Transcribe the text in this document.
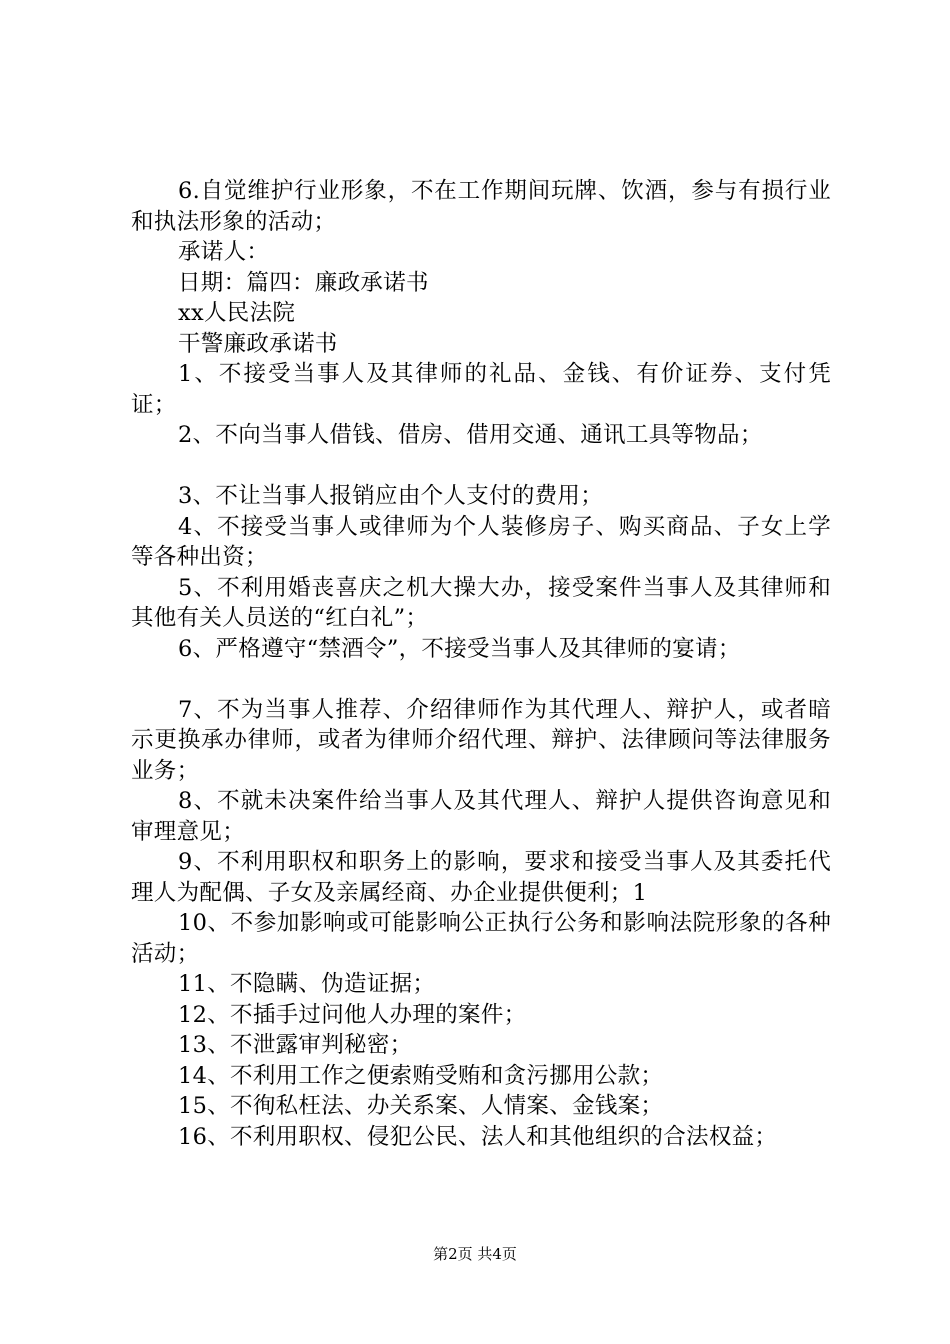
6.自觉维护行业形象，不在工作期间玩牌、饮酒，参与有损行业和执法形象的活动；

承诺人：

日期：篇四：廉政承诺书

xx人民法院

干警廉政承诺书

1、不接受当事人及其律师的礼品、金钱、有价证券、支付凭证；

2、不向当事人借钱、借房、借用交通、通讯工具等物品；

3、不让当事人报销应由个人支付的费用；

4、不接受当事人或律师为个人装修房子、购买商品、子女上学等各种出资；

5、不利用婚丧喜庆之机大操大办，接受案件当事人及其律师和其他有关人员送的“红白礼”；

6、严格遵守“禁酒令”，不接受当事人及其律师的宴请；

7、不为当事人推荐、介绍律师作为其代理人、辩护人，或者暗示更换承办律师，或者为律师介绍代理、辩护、法律顾问等法律服务业务；

8、不就未决案件给当事人及其代理人、辩护人提供咨询意见和审理意见；

9、不利用职权和职务上的影响，要求和接受当事人及其委托代理人为配偶、子女及亲属经商、办企业提供便利；1

10、不参加影响或可能影响公正执行公务和影响法院形象的各种活动；

11、不隐瞒、伪造证据；

12、不插手过问他人办理的案件；

13、不泄露审判秘密；

14、不利用工作之便索贿受贿和贪污挪用公款；

15、不徇私枉法、办关系案、人情案、金钱案；

16、不利用职权、侵犯公民、法人和其他组织的合法权益；

第2页 共4页
